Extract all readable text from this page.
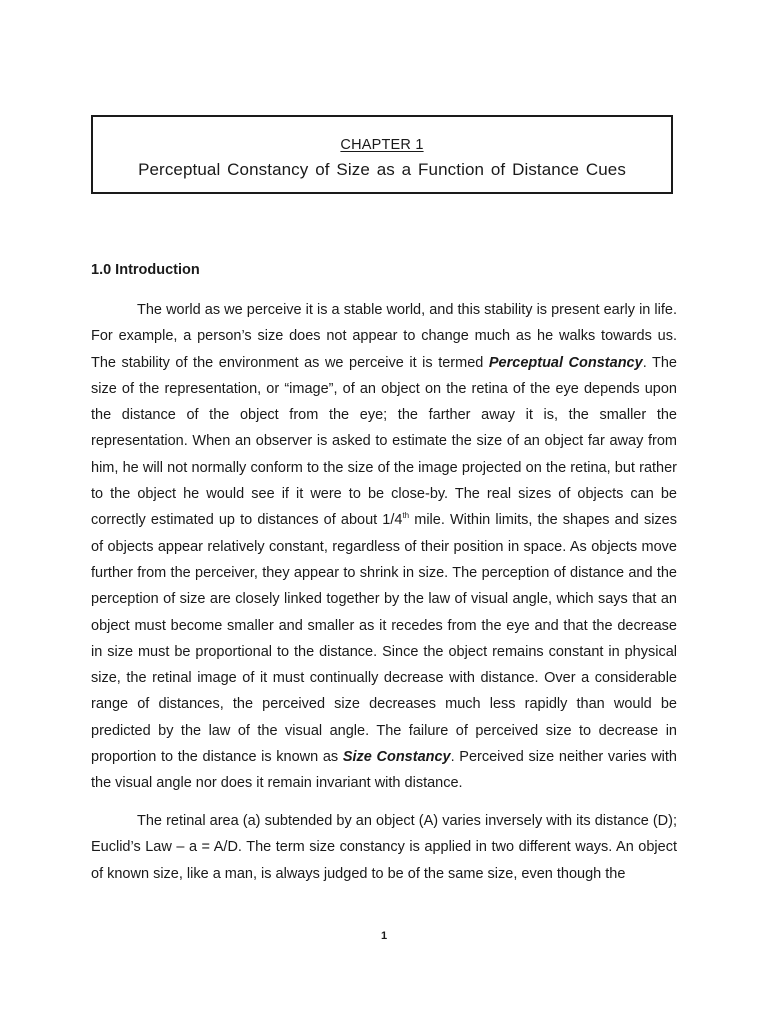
CHAPTER 1
Perceptual Constancy of Size as a Function of Distance Cues
1.0 Introduction

The world as we perceive it is a stable world, and this stability is present early in life. For example, a person’s size does not appear to change much as he walks towards us. The stability of the environment as we perceive it is termed Perceptual Constancy. The size of the representation, or “image”, of an object on the retina of the eye depends upon the distance of the object from the eye; the farther away it is, the smaller the representation. When an observer is asked to estimate the size of an object far away from him, he will not normally conform to the size of the image projected on the retina, but rather to the object he would see if it were to be close-by. The real sizes of objects can be correctly estimated up to distances of about 1/4th mile. Within limits, the shapes and sizes of objects appear relatively constant, regardless of their position in space. As objects move further from the perceiver, they appear to shrink in size. The perception of distance and the perception of size are closely linked together by the law of visual angle, which says that an object must become smaller and smaller as it recedes from the eye and that the decrease in size must be proportional to the distance. Since the object remains constant in physical size, the retinal image of it must continually decrease with distance. Over a considerable range of distances, the perceived size decreases much less rapidly than would be predicted by the law of the visual angle. The failure of perceived size to decrease in proportion to the distance is known as Size Constancy. Perceived size neither varies with the visual angle nor does it remain invariant with distance.

The retinal area (a) subtended by an object (A) varies inversely with its distance (D); Euclid’s Law – a = A/D. The term size constancy is applied in two different ways. An object of known size, like a man, is always judged to be of the same size, even though the

1
